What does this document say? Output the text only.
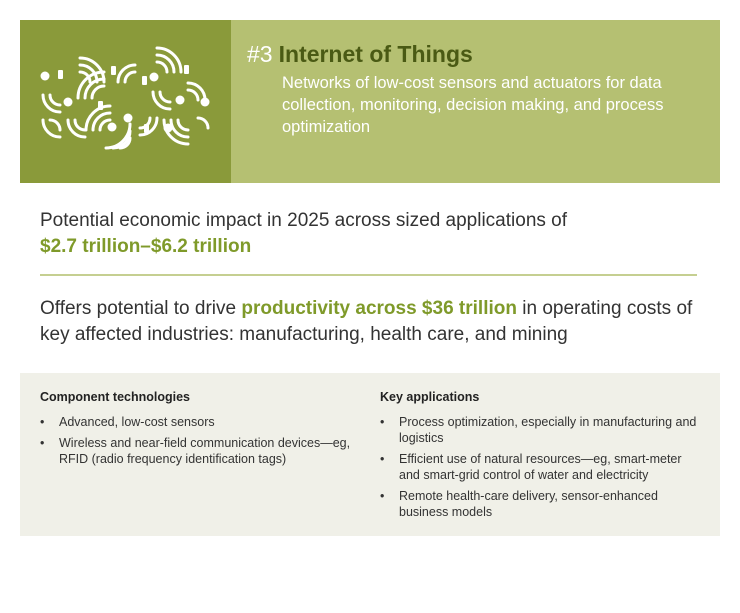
#3 Internet of Things
Networks of low-cost sensors and actuators for data collection, monitoring, decision making, and process optimization
Potential economic impact in 2025 across sized applications of
$2.7 trillion–$6.2 trillion
Offers potential to drive productivity across $36 trillion in operating costs of key affected industries: manufacturing, health care, and mining
Component technologies
• Advanced, low-cost sensors
• Wireless and near-field communication devices—eg, RFID (radio frequency identification tags)
Key applications
• Process optimization, especially in manufacturing and logistics
• Efficient use of natural resources—eg, smart-meter and smart-grid control of water and electricity
• Remote health-care delivery, sensor-enhanced business models
